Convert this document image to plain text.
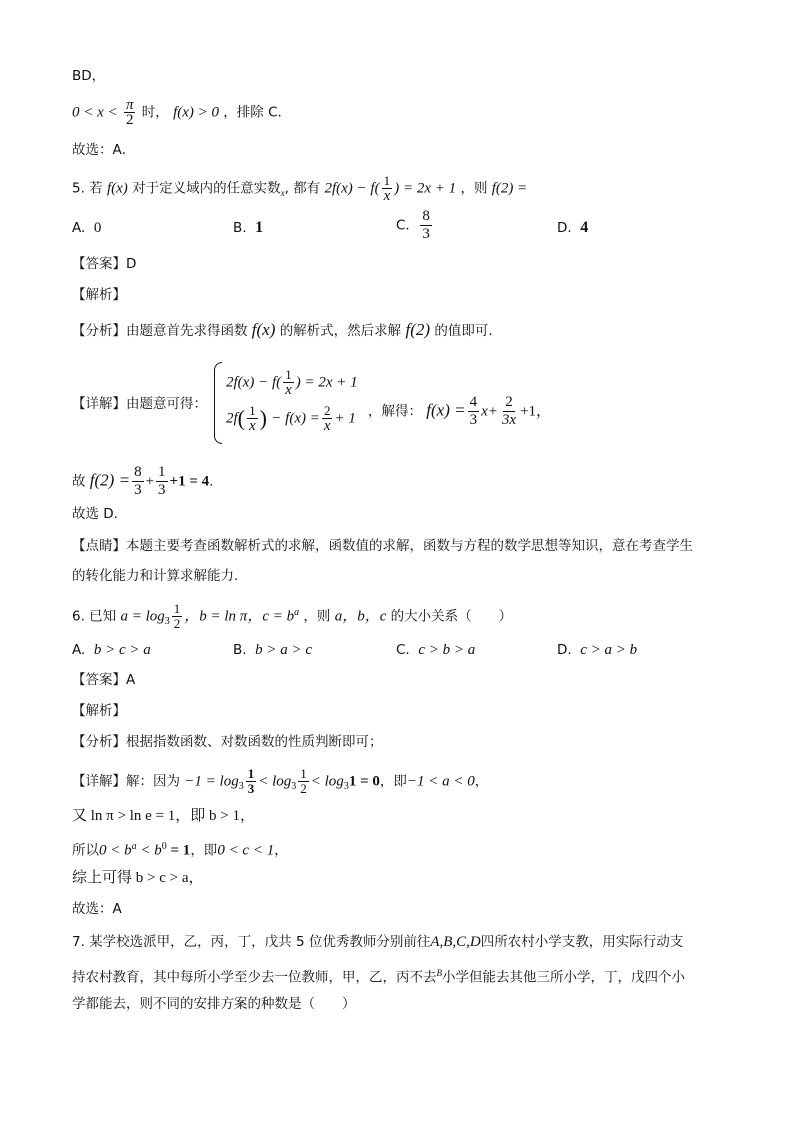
BD，
$0 < x < \frac{\pi}{2}$ 时， f(x) > 0 ，排除 C．
故选：A．
5. 若 f(x) 对于定义域内的任意实数$_x$, 都有 $2f(x) - f( \frac{1}{x}$ ) = 2x + 1 ，则 f(2) =
A. 0	B. 1	C. $\frac{8}{3}$	D. 4
【答案】D
【解析】
【分析】由题意首先求得函数 f(x) 的解析式，然后求解 f(2) 的值即可.
【详解】由题意可得：
$2f(x) - f( \frac{1}{x}$ ) = 2x + 1
$2f( \frac{1}{x}$ ) − $f(x) = \frac{2}{x} + 1$ ，解得： $f(x) = \frac{4}{3} x+ \frac{2}{3x} +1$，
故 $f(2) = \frac{8}{3} + \frac{1}{3} +1 = 4$.
故选 D.
【点睛】本题主要考查函数解析式的求解，函数值的求解，函数与方程的数学思想等知识，意在考查学生
的转化能力和计算求解能力.
6. 已知 $a = \log_3 \frac{1}{2}$ ，b = ln π，$c = b^a$ ，则 a，b，c 的大小关系（　　）
A. b > c > a	B. b > a > c	C. c > b > a	D. c > a > b
【答案】A
【解析】
【分析】根据指数函数、对数函数的性质判断即可；
【详解】解：因为 $-1 = \log_3 \frac{1}{3} < \log_3 \frac{1}{2} < \log_31 = 0$，即−1 < a < 0，
又 ln π > ln e = 1，即 b > 1，
所以$0 < b^a < b^0 = 1$，即0 < c < 1，
综上可得 b > c > a，
故选：A
7. 某学校选派甲，乙，丙，丁，戊共 5 位优秀教师分别前往A,B,C,D四所农村小学支教，用实际行动支
持农村教育，其中每所小学至少去一位教师，甲，乙，丙不去$^B$小学但能去其他三所小学，丁，戊四个小
学都能去，则不同的安排方案的种数是（　　）
